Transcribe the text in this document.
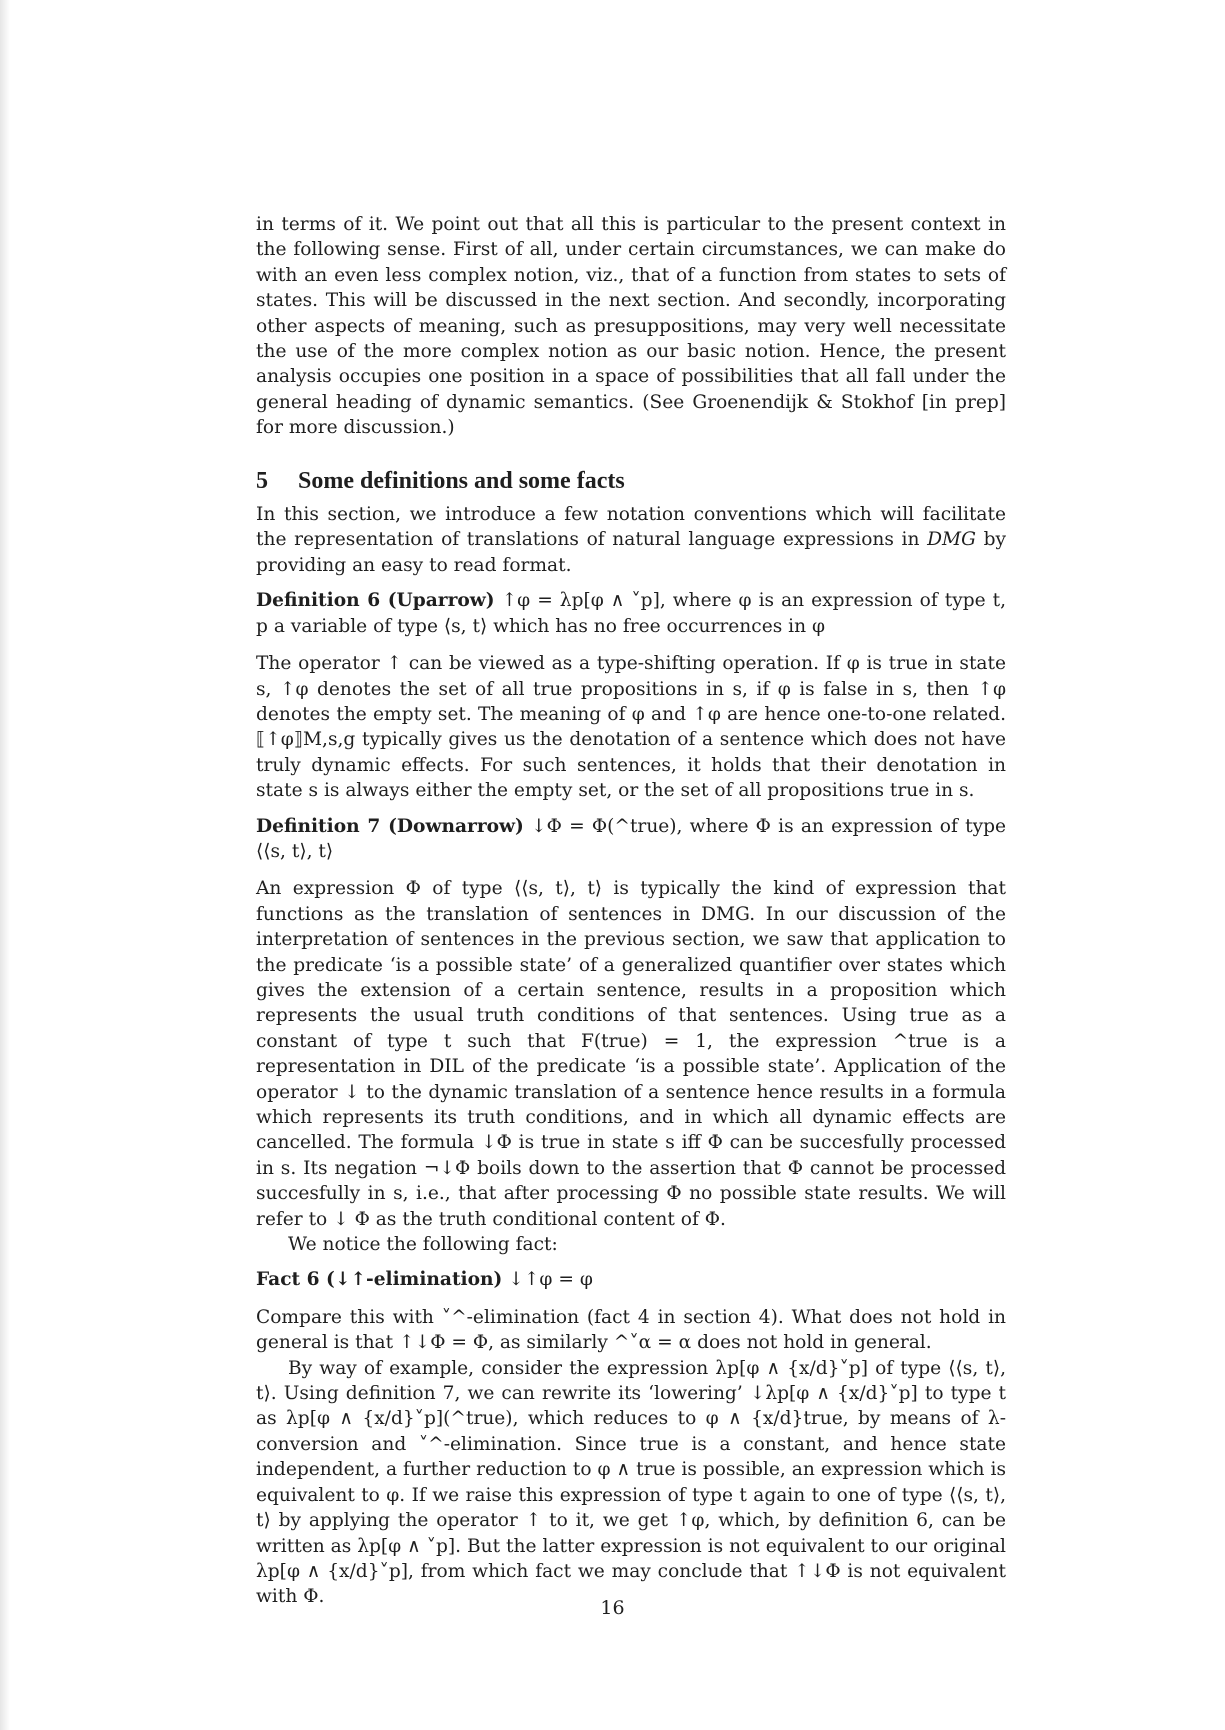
in terms of it. We point out that all this is particular to the present context in the following sense. First of all, under certain circumstances, we can make do with an even less complex notion, viz., that of a function from states to sets of states. This will be discussed in the next section. And secondly, incorporating other aspects of meaning, such as presuppositions, may very well necessitate the use of the more complex notion as our basic notion. Hence, the present analysis occupies one position in a space of possibilities that all fall under the general heading of dynamic semantics. (See Groenendijk & Stokhof [in prep] for more discussion.)

5 Some definitions and some facts

In this section, we introduce a few notation conventions which will facilitate the representation of translations of natural language expressions in DMG by providing an easy to read format.

Definition 6 (Uparrow) ↑φ = λp[φ ∧ ˅p], where φ is an expression of type t, p a variable of type ⟨s, t⟩ which has no free occurrences in φ

The operator ↑ can be viewed as a type-shifting operation. If φ is true in state s, ↑φ denotes the set of all true propositions in s, if φ is false in s, then ↑φ denotes the empty set. The meaning of φ and ↑φ are hence one-to-one related. ⟦↑φ⟧M,s,g typically gives us the denotation of a sentence which does not have truly dynamic effects. For such sentences, it holds that their denotation in state s is always either the empty set, or the set of all propositions true in s.

Definition 7 (Downarrow) ↓Φ = Φ(^true), where Φ is an expression of type ⟨⟨s, t⟩, t⟩

An expression Φ of type ⟨⟨s, t⟩, t⟩ is typically the kind of expression that functions as the translation of sentences in DMG. In our discussion of the interpretation of sentences in the previous section, we saw that application to the predicate ‘is a possible state’ of a generalized quantifier over states which gives the extension of a certain sentence, results in a proposition which represents the usual truth conditions of that sentences. Using true as a constant of type t such that F(true) = 1, the expression ^true is a representation in DIL of the predicate ‘is a possible state’. Application of the operator ↓ to the dynamic translation of a sentence hence results in a formula which represents its truth conditions, and in which all dynamic effects are cancelled. The formula ↓Φ is true in state s iff Φ can be succesfully processed in s. Its negation ¬↓Φ boils down to the assertion that Φ cannot be processed succesfully in s, i.e., that after processing Φ no possible state results. We will refer to ↓ Φ as the truth conditional content of Φ.

We notice the following fact:

Fact 6 (↓↑-elimination) ↓↑φ = φ

Compare this with ˅^-elimination (fact 4 in section 4). What does not hold in general is that ↑↓Φ = Φ, as similarly ^˅α = α does not hold in general.

By way of example, consider the expression λp[φ ∧ {x/d}˅p] of type ⟨⟨s, t⟩, t⟩. Using definition 7, we can rewrite its ‘lowering’ ↓λp[φ ∧ {x/d}˅p] to type t as λp[φ ∧ {x/d}˅p](^true), which reduces to φ ∧ {x/d}true, by means of λ-conversion and ˅^-elimination. Since true is a constant, and hence state independent, a further reduction to φ ∧ true is possible, an expression which is equivalent to φ. If we raise this expression of type t again to one of type ⟨⟨s, t⟩, t⟩ by applying the operator ↑ to it, we get ↑φ, which, by definition 6, can be written as λp[φ ∧ ˅p]. But the latter expression is not equivalent to our original λp[φ ∧ {x/d}˅p], from which fact we may conclude that ↑↓Φ is not equivalent with Φ.

16
